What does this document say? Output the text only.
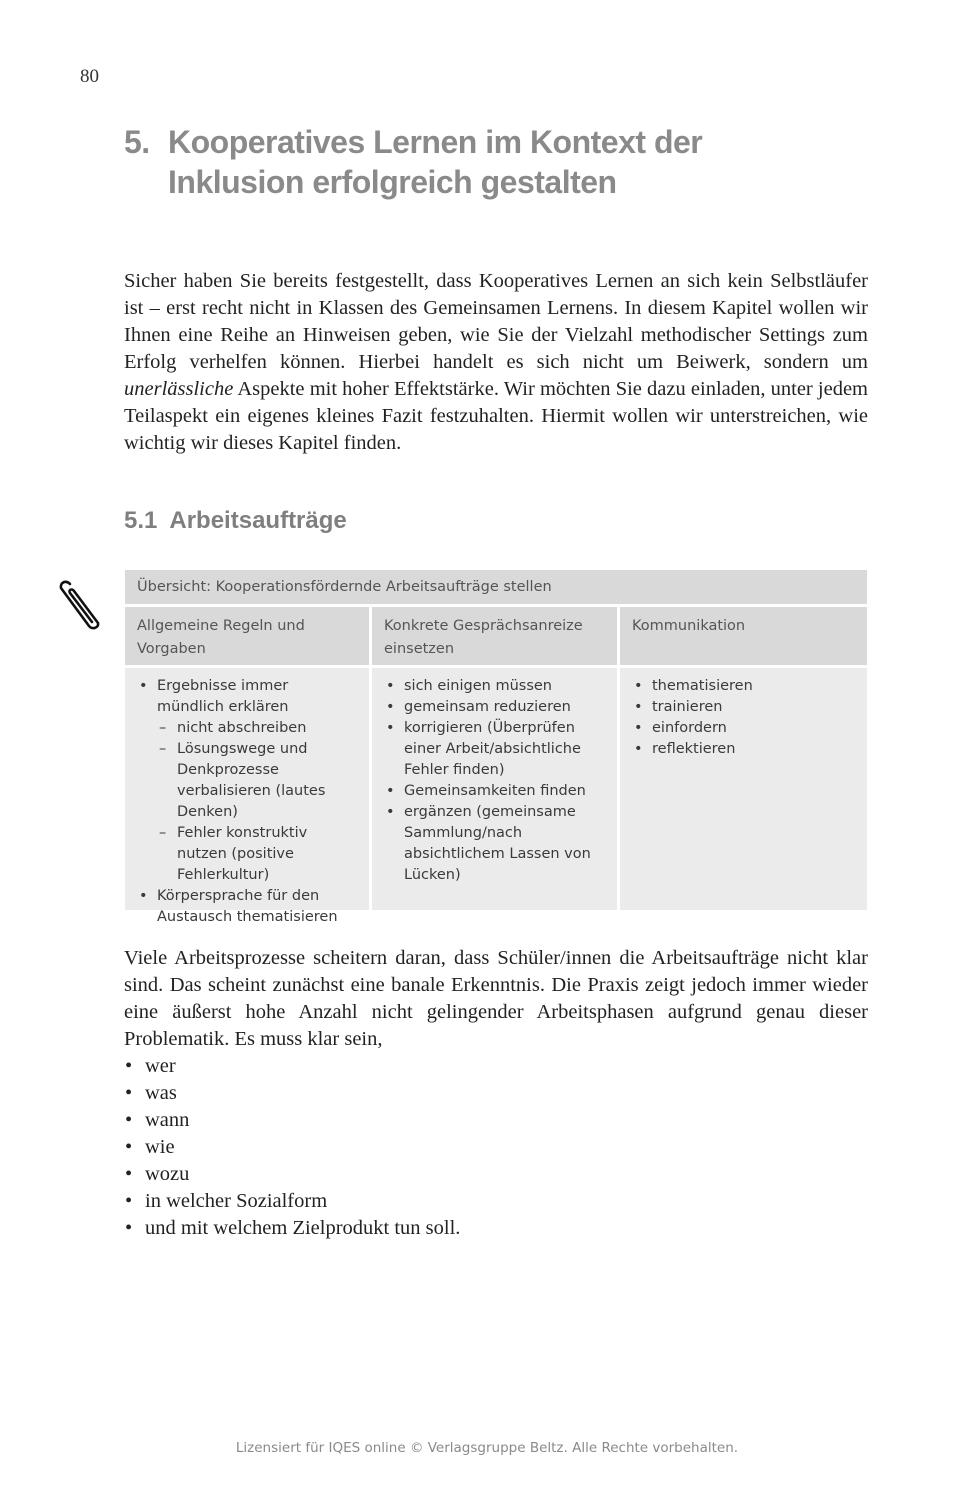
80
5. Kooperatives Lernen im Kontext der
Inklusion erfolgreich gestalten

Sicher haben Sie bereits festgestellt, dass Kooperatives Lernen an sich kein Selbstläufer ist – erst recht nicht in Klassen des Gemeinsamen Lernens. In diesem Kapitel wollen wir Ihnen eine Reihe an Hinweisen geben, wie Sie der Vielzahl methodischer Settings zum Erfolg verhelfen können. Hierbei handelt es sich nicht um Beiwerk, sondern um unerlässliche Aspekte mit hoher Effektstärke. Wir möchten Sie dazu einladen, unter jedem Teilaspekt ein eigenes kleines Fazit festzuhalten. Hiermit wollen wir unterstreichen, wie wichtig wir dieses Kapitel finden.

5.1 Arbeitsaufträge
Übersicht: Kooperationsfördernde Arbeitsaufträge stellen
Allgemeine Regeln und Vorgaben
Konkrete Gesprächsanreize einsetzen
Kommunikation
• Ergebnisse immer mündlich erklären
– nicht abschreiben
– Lösungswege und Denkprozesse verbalisieren (lautes Denken)
– Fehler konstruktiv nutzen (positive Fehlerkultur)
• Körpersprache für den Austausch thematisieren
• sich einigen müssen
• gemeinsam reduzieren
• korrigieren (Überprüfen einer Arbeit/absichtliche Fehler finden)
• Gemeinsamkeiten finden
• ergänzen (gemeinsame Sammlung/nach absichtlichem Lassen von Lücken)
• thematisieren
• trainieren
• einfordern
• reflektieren

Viele Arbeitsprozesse scheitern daran, dass Schüler/innen die Arbeitsaufträge nicht klar sind. Das scheint zunächst eine banale Erkenntnis. Die Praxis zeigt jedoch immer wieder eine äußerst hohe Anzahl nicht gelingender Arbeitsphasen aufgrund genau dieser Problematik. Es muss klar sein,

• wer
• was
• wann
• wie
• wozu
• in welcher Sozialform
• und mit welchem Zielprodukt tun soll.
Lizensiert für IQES online © Verlagsgruppe Beltz. Alle Rechte vorbehalten.
